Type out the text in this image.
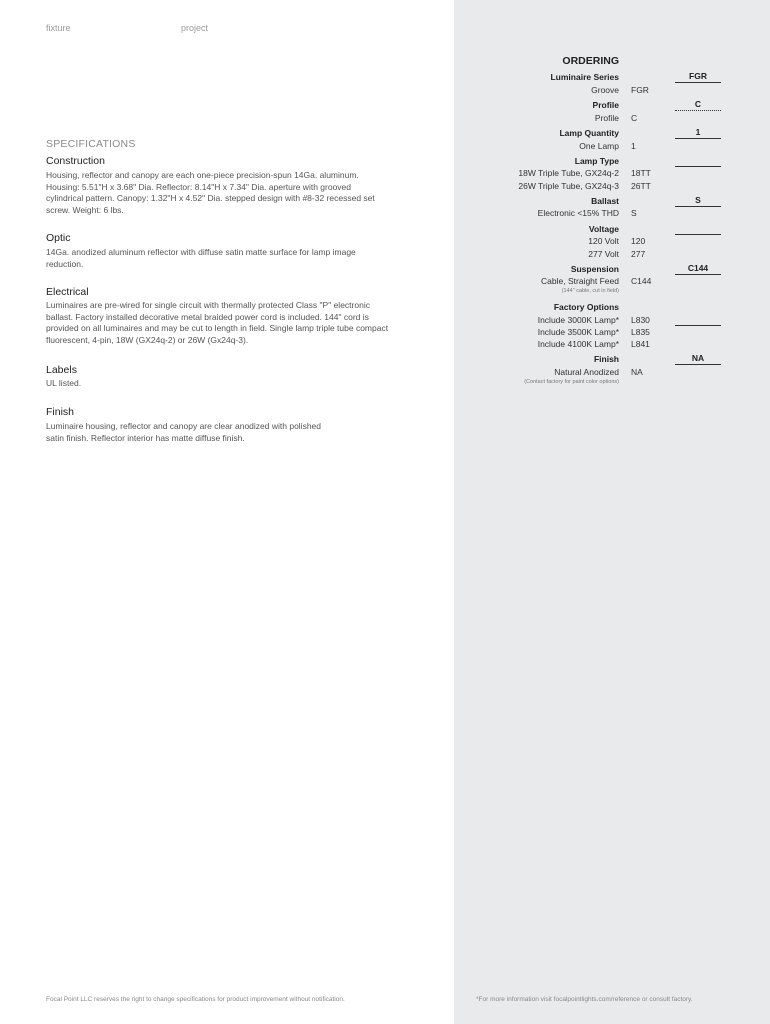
fixture	project
SPECIFICATIONS
Construction
Housing, reflector and canopy are each one-piece precision-spun 14Ga. aluminum.
Housing: 5.51"H x 3.68" Dia. Reflector: 8.14"H x 7.34" Dia. aperture with grooved
cylindrical pattern. Canopy: 1.32"H x 4.52" Dia. stepped design with #8-32 recessed set
screw. Weight: 6 lbs.
Optic
14Ga. anodized aluminum reflector with diffuse satin matte surface for lamp image
reduction.
Electrical
Luminaires are pre-wired for single circuit with thermally protected Class "P" electronic
ballast. Factory installed decorative metal braided power cord is included. 144" cord is
provided on all luminaires and may be cut to length in field. Single lamp triple tube compact
fluorescent, 4-pin, 18W (GX24q-2) or 26W (Gx24q-3).
Labels
UL listed.
Finish
Luminaire housing, reflector and canopy are clear anodized with polished
satin finish. Reflector interior has matte diffuse finish.
ORDERING
Luminaire Series	FGR
Groove FGR
Profile	C
Profile C
Lamp Quantity	1
One Lamp 1
Lamp Type
18W Triple Tube, GX24q-2 18TT
26W Triple Tube, GX24q-3 26TT
Ballast	S
Electronic <15% THD S
Voltage
120 Volt 120
277 Volt 277
Suspension	C144
Cable, Straight Feed C144
(144" cable, cut in field)
Factory Options
Include 3000K Lamp* L830
Include 3500K Lamp* L835
Include 4100K Lamp* L841
Finish	NA
Natural Anodized NA
(Contact factory for paint color options)
Focal Point LLC reserves the right to change specifications for product improvement without notification.	*For more information visit focalpointlights.com/reference or consult factory.
